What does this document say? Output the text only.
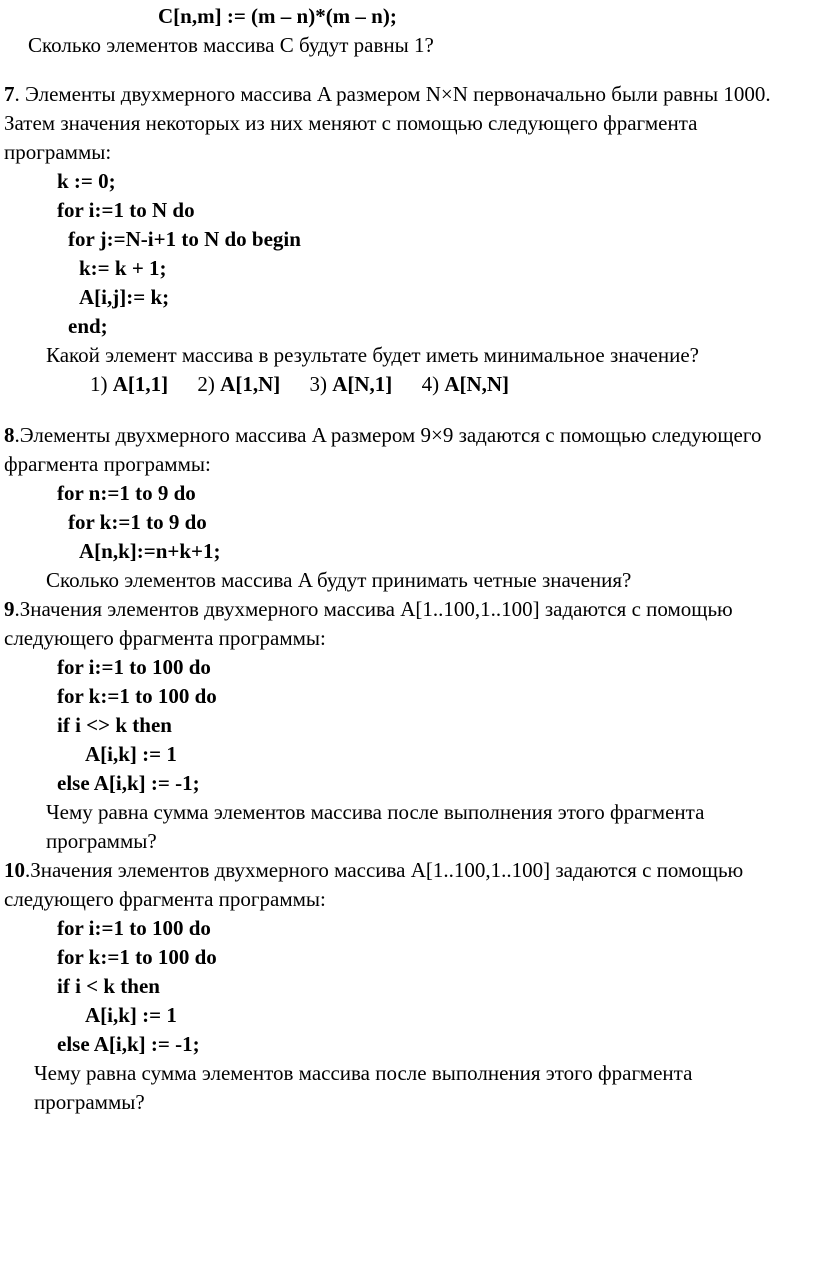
C[n,m] := (m – n)*(m – n);

Сколько элементов массива C будут равны 1?

7. Элементы двухмерного массива A размером N×N первоначально были равны 1000.

Затем значения некоторых из них меняют с помощью следующего фрагмента

программы:

k := 0;

for i:=1 to N do

for j:=N-i+1 to N do begin

k:= k + 1;

A[i,j]:= k;

end;

Какой элемент массива в результате будет иметь минимальное значение?

1) A[1,1] 2) A[1,N] 3) A[N,1] 4) A[N,N]

8.Элементы двухмерного массива A размером 9×9 задаются с помощью следующего

фрагмента программы:

for n:=1 to 9 do

for k:=1 to 9 do

A[n,k]:=n+k+1;

Сколько элементов массива A будут принимать четные значения?

9.Значения элементов двухмерного массива A[1..100,1..100] задаются с помощью

следующего фрагмента программы:

for i:=1 to 100 do

for k:=1 to 100 do

if i <> k then

A[i,k] := 1

else A[i,k] := -1;

Чему равна сумма элементов массива после выполнения этого фрагмента

программы?

10.Значения элементов двухмерного массива A[1..100,1..100] задаются с помощью

следующего фрагмента программы:

for i:=1 to 100 do

for k:=1 to 100 do

if i < k then

A[i,k] := 1

else A[i,k] := -1;

Чему равна сумма элементов массива после выполнения этого фрагмента

программы?
